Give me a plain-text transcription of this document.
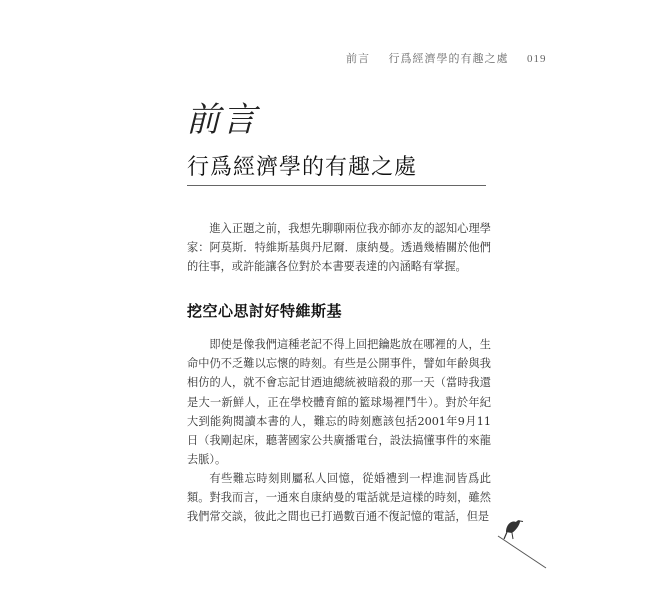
前言 行爲經濟學的有趣之處 019
前言
行爲經濟學的有趣之處

進入正題之前，我想先聊聊兩位我亦師亦友的認知心理學家：阿莫斯．特維斯基與丹尼爾．康納曼。透過幾樁關於他們的往事，或許能讓各位對於本書要表達的內涵略有掌握。

挖空心思討好特維斯基

即使是像我們這種老記不得上回把鑰匙放在哪裡的人，生命中仍不乏難以忘懷的時刻。有些是公開事件，譬如年齡與我相仿的人，就不會忘記甘迺迪總統被暗殺的那一天（當時我還是大一新鮮人，正在學校體育館的籃球場裡鬥牛）。對於年紀大到能夠閱讀本書的人，難忘的時刻應該包括2001年9月11日（我剛起床，聽著國家公共廣播電台，設法搞懂事件的來龍去脈）。

有些難忘時刻則屬私人回憶，從婚禮到一桿進洞皆爲此類。對我而言，一通來自康納曼的電話就是這樣的時刻，雖然我們常交談，彼此之間也已打過數百通不復記憶的電話，但是
